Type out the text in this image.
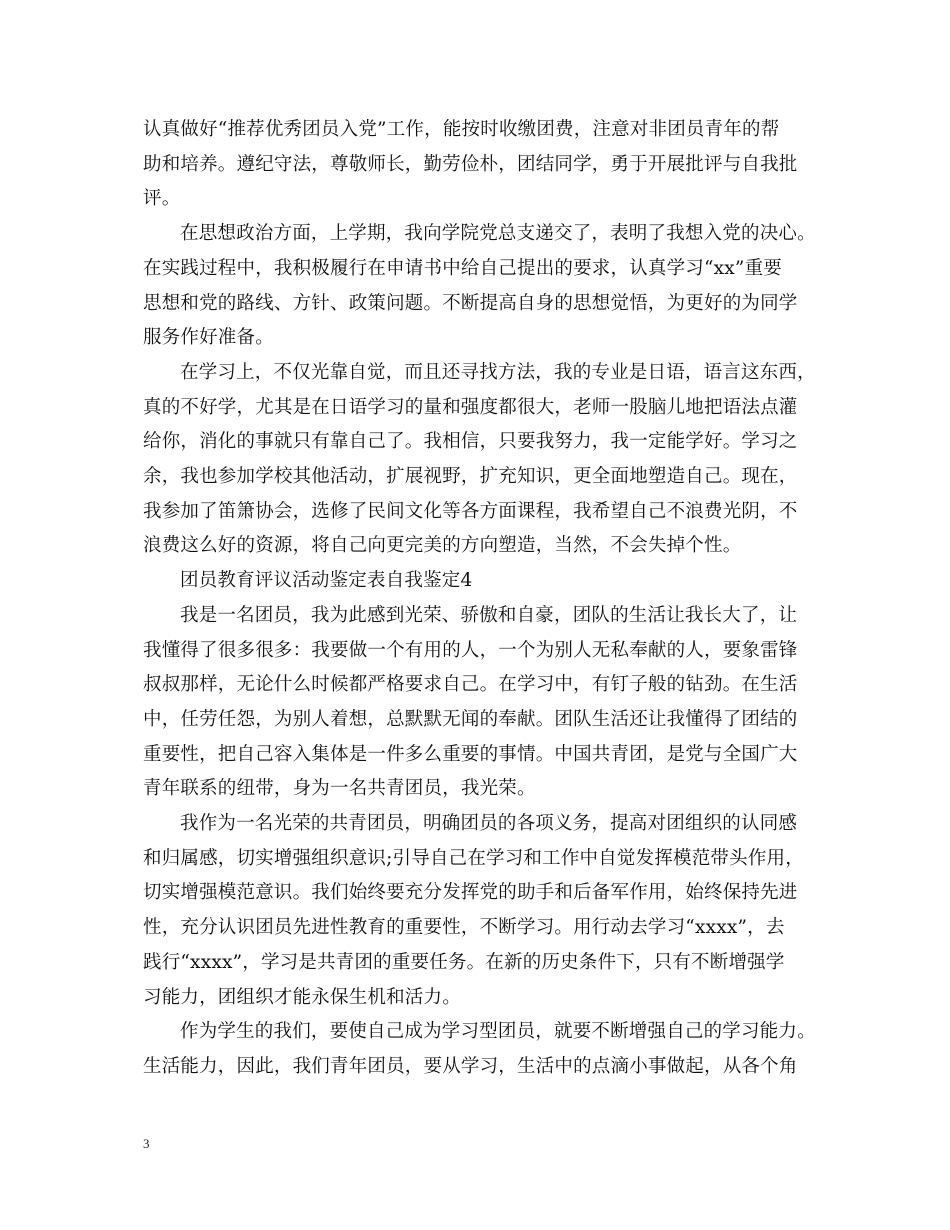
认真做好“推荐优秀团员入党”工作，能按时收缴团费，注意对非团员青年的帮
助和培养。遵纪守法，尊敬师长，勤劳俭朴，团结同学，勇于开展批评与自我批
评。

在思想政治方面，上学期，我向学院党总支递交了，表明了我想入党的决心。
在实践过程中，我积极履行在申请书中给自己提出的要求，认真学习“xx”重要
思想和党的路线、方针、政策问题。不断提高自身的思想觉悟，为更好的为同学
服务作好准备。

在学习上，不仅光靠自觉，而且还寻找方法，我的专业是日语，语言这东西，
真的不好学，尤其是在日语学习的量和强度都很大，老师一股脑儿地把语法点灌
给你，消化的事就只有靠自己了。我相信，只要我努力，我一定能学好。学习之
余，我也参加学校其他活动，扩展视野，扩充知识，更全面地塑造自己。现在，
我参加了笛箫协会，选修了民间文化等各方面课程，我希望自己不浪费光阴，不
浪费这么好的资源，将自己向更完美的方向塑造，当然，不会失掉个性。

团员教育评议活动鉴定表自我鉴定4

我是一名团员，我为此感到光荣、骄傲和自豪，团队的生活让我长大了，让
我懂得了很多很多：我要做一个有用的人，一个为别人无私奉献的人，要象雷锋
叔叔那样，无论什么时候都严格要求自己。在学习中，有钉子般的钻劲。在生活
中，任劳任怨，为别人着想，总默默无闻的奉献。团队生活还让我懂得了团结的
重要性，把自己容入集体是一件多么重要的事情。中国共青团，是党与全国广大
青年联系的纽带，身为一名共青团员，我光荣。

我作为一名光荣的共青团员，明确团员的各项义务，提高对团组织的认同感
和归属感，切实增强组织意识;引导自己在学习和工作中自觉发挥模范带头作用，
切实增强模范意识。我们始终要充分发挥党的助手和后备军作用，始终保持先进
性，充分认识团员先进性教育的重要性，不断学习。用行动去学习“xxxx”，去
践行“xxxx”，学习是共青团的重要任务。在新的历史条件下，只有不断增强学
习能力，团组织才能永保生机和活力。

作为学生的我们，要使自己成为学习型团员，就要不断增强自己的学习能力。
生活能力，因此，我们青年团员，要从学习，生活中的点滴小事做起，从各个角

3
